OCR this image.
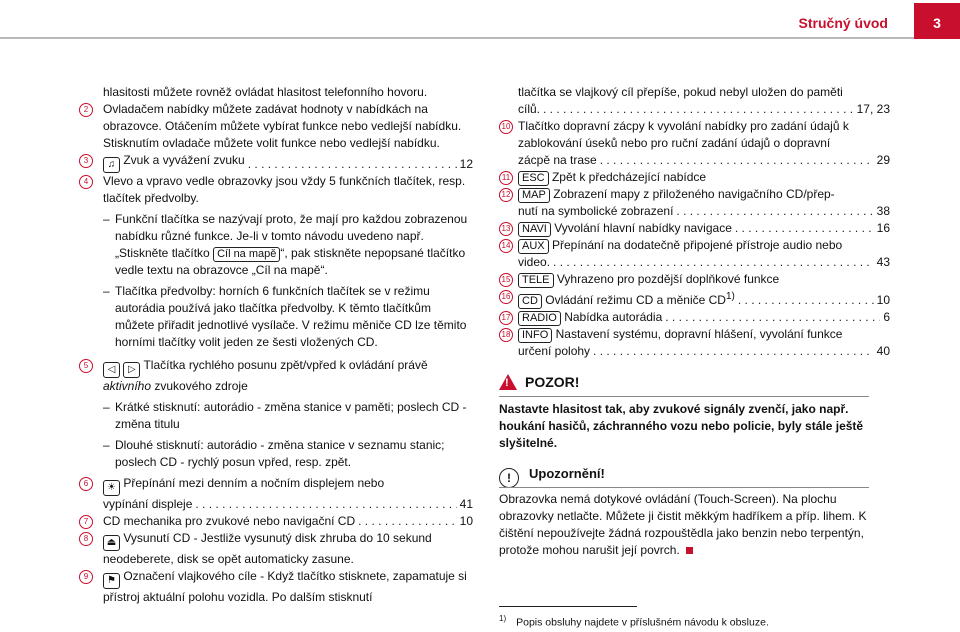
Stručný úvod	3
hlasitosti můžete rovněž ovládat hlasitost telefonního hovoru.
2	Ovladačem nabídky můžete zadávat hodnoty v nabídkách na obrazovce. Otáčením můžete vybírat funkce nebo vedlejší nabídku. Stisknutím ovladače můžete volit funkce nebo vedlejší nabídku.
3	♫ Zvuk a vyvážení zvuku . . .	12
4	Vlevo a vpravo vedle obrazovky jsou vždy 5 funkčních tlačítek, resp. tlačítek předvolby.
– Funkční tlačítka se nazývají proto, že mají pro každou zobrazenou nabídku různé funkce. Je-li v tomto návodu uvedeno např. „Stiskněte tlačítko Cíl na mapě “, pak stiskněte nepopsané tlačítko vedle textu na obrazovce „Cíl na mapě“.
– Tlačítka předvolby: horních 6 funkčních tlačítek se v režimu autorádia používá jako tlačítka předvolby. K těmto tlačítkům můžete přiřadit jednotlivé vysílače. V režimu měniče CD lze těmito horními tlačítky volit jeden ze šesti vložených CD.
5	◁ ▷ Tlačítka rychlého posunu zpět/vpřed k ovládání právě aktivního zvukového zdroje
– Krátké stisknutí: autorádio - změna stanice v paměti; poslech CD - změna titulu
– Dlouhé stisknutí: autorádio - změna stanice v seznamu stanic; poslech CD - rychlý posun vpřed, resp. zpět.
6	☀ Přepínání mezi denním a nočním displejem nebo
vypínání displeje . . .	41
7	CD mechanika pro zvukové nebo navigační CD . . .	10
8	⏏ Vysunutí CD - Jestliže vysunutý disk zhruba do 10 sekund neodeberete, disk se opět automaticky zasune.
9	⚑ Označení vlajkového cíle - Když tlačítko stisknete, zapamatuje si přístroj aktuální polohu vozidla. Po dalším stisknutí
tlačítka se vlajkový cíl přepíše, pokud nebyl uložen do paměti
cílů. . . .	17, 23
10 Tlačítko dopravní zácpy k vyvolání nabídky pro zadání údajů k zablokování úseků nebo pro ruční zadání údajů o dopravní
zácpě na trase . . .	29
11	ESC Zpět k předcházející nabídce
12	MAP Zobrazení mapy z přiloženého navigačního CD/přep-
nutí na symbolické zobrazení . . .	38
13	NAVI Vyvolání hlavní nabídky navigace . . .	16
14	AUX Přepínání na dodatečně připojené přístroje audio nebo
video. . . .	43
15	TELE Vyhrazeno pro pozdější doplňkové funkce
16	CD Ovládání režimu CD a měniče CD$^{1)}$ . . .	10
17	RADIO Nabídka autorádia . . .	6
18	INFO Nastavení systému, dopravní hlášení, vyvolání funkce
určení polohy . . .	40
! POZOR!
Nastavte hlasitost tak, aby zvukové signály zvenčí, jako např. houkání hasičů, záchranného vozu nebo policie, byly stále ještě slyšitelné.
! Upozornění!
Obrazovka nemá dotykové ovládání (Touch-Screen). Na plochu obrazovky netlačte. Můžete ji čistit měkkým hadříkem a příp. lihem. K čištění nepoužívejte žádná rozpouštědla jako benzin nebo terpentýn, protože mohou narušit její povrch.
$^{1)}$ Popis obsluhy najdete v příslušném návodu k obsluze.
